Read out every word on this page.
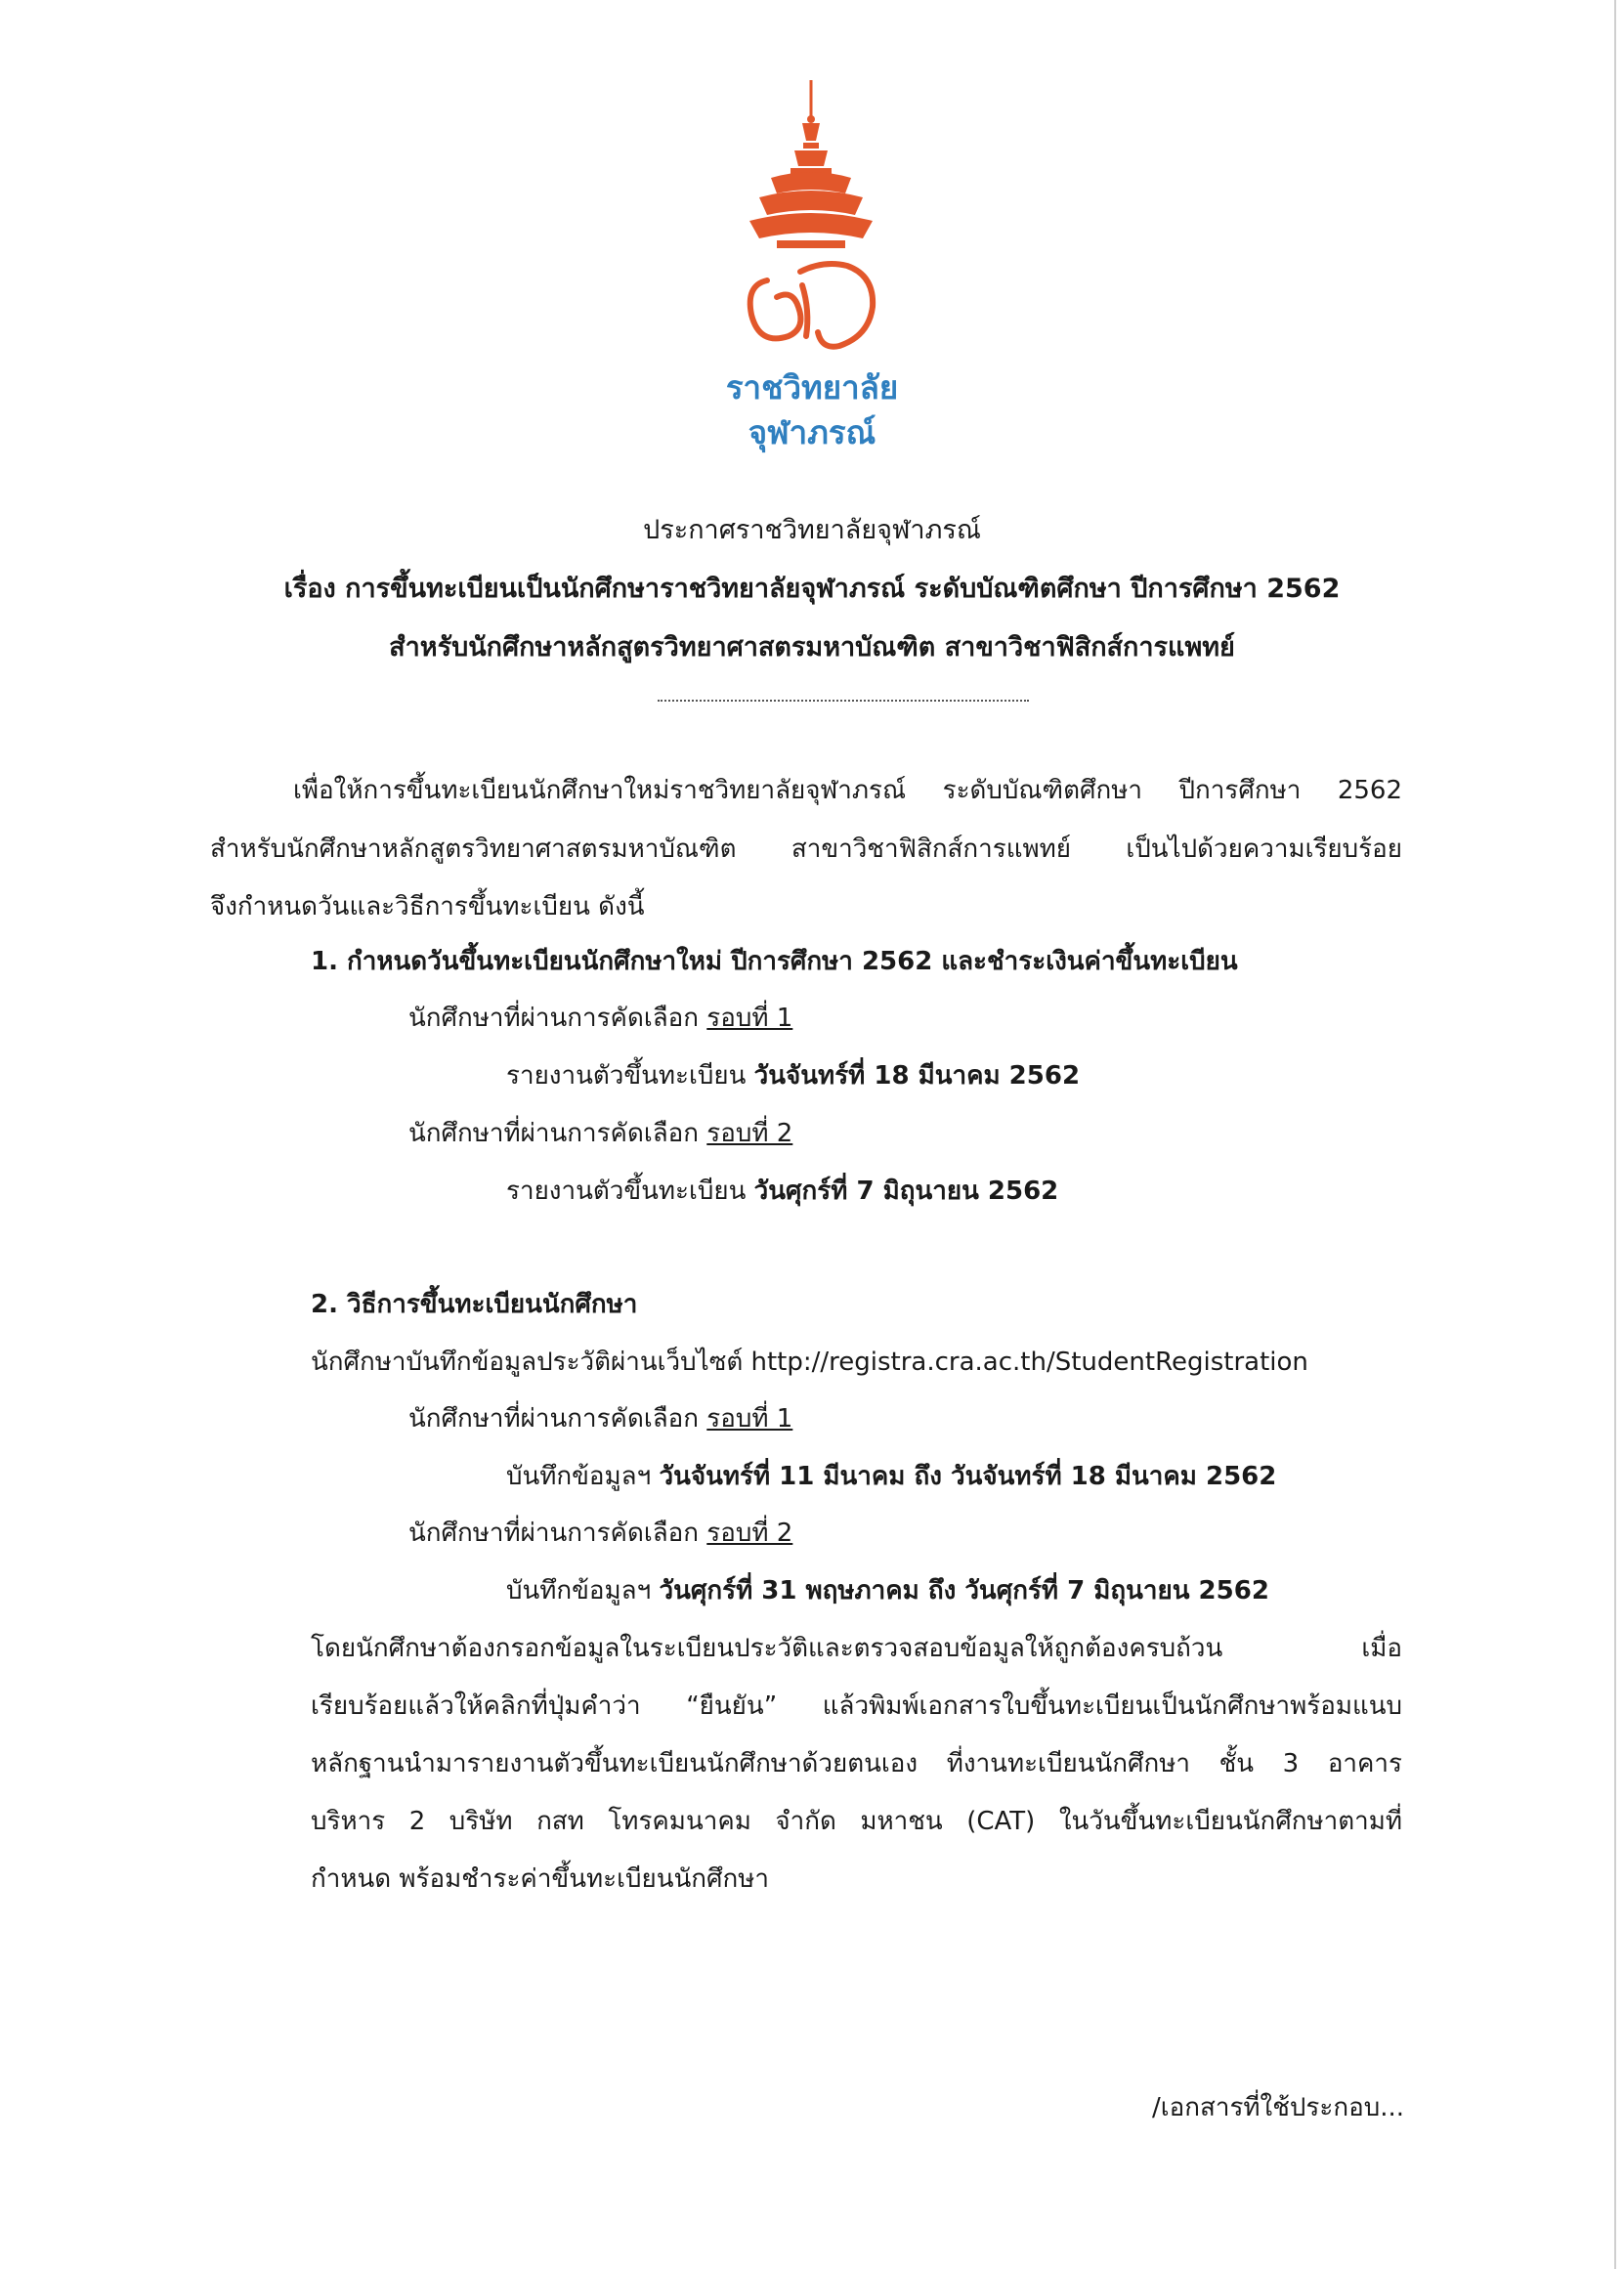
ราชวิทยาลัย
จุฬาภรณ์
ประกาศราชวิทยาลัยจุฬาภรณ์
เรื่อง การขึ้นทะเบียนเป็นนักศึกษาราชวิทยาลัยจุฬาภรณ์ ระดับบัณฑิตศึกษา ปีการศึกษา 2562
สำหรับนักศึกษาหลักสูตรวิทยาศาสตรมหาบัณฑิต สาขาวิชาฟิสิกส์การแพทย์
เพื่อให้การขึ้นทะเบียนนักศึกษาใหม่ราชวิทยาลัยจุฬาภรณ์ ระดับบัณฑิตศึกษา ปีการศึกษา 2562
สำหรับนักศึกษาหลักสูตรวิทยาศาสตรมหาบัณฑิต สาขาวิชาฟิสิกส์การแพทย์ เป็นไปด้วยความเรียบร้อย
จึงกำหนดวันและวิธีการขึ้นทะเบียน ดังนี้
1. กำหนดวันขึ้นทะเบียนนักศึกษาใหม่ ปีการศึกษา 2562 และชำระเงินค่าขึ้นทะเบียน
นักศึกษาที่ผ่านการคัดเลือก รอบที่ 1
รายงานตัวขึ้นทะเบียน วันจันทร์ที่ 18 มีนาคม 2562
นักศึกษาที่ผ่านการคัดเลือก รอบที่ 2
รายงานตัวขึ้นทะเบียน วันศุกร์ที่ 7 มิถุนายน 2562
2. วิธีการขึ้นทะเบียนนักศึกษา
นักศึกษาบันทึกข้อมูลประวัติผ่านเว็บไซต์ http://registra.cra.ac.th/StudentRegistration
นักศึกษาที่ผ่านการคัดเลือก รอบที่ 1
บันทึกข้อมูลฯ วันจันทร์ที่ 11 มีนาคม ถึง วันจันทร์ที่ 18 มีนาคม 2562
นักศึกษาที่ผ่านการคัดเลือก รอบที่ 2
บันทึกข้อมูลฯ วันศุกร์ที่ 31 พฤษภาคม ถึง วันศุกร์ที่ 7 มิถุนายน 2562
โดยนักศึกษาต้องกรอกข้อมูลในระเบียนประวัติและตรวจสอบข้อมูลให้ถูกต้องครบถ้วน เมื่อ
เรียบร้อยแล้วให้คลิกที่ปุ่มคำว่า “ยืนยัน” แล้วพิมพ์เอกสารใบขึ้นทะเบียนเป็นนักศึกษาพร้อมแนบ
หลักฐานนำมารายงานตัวขึ้นทะเบียนนักศึกษาด้วยตนเอง ที่งานทะเบียนนักศึกษา ชั้น 3 อาคาร
บริหาร 2 บริษัท กสท โทรคมนาคม จำกัด มหาชน (CAT) ในวันขึ้นทะเบียนนักศึกษาตามที่
กำหนด พร้อมชำระค่าขึ้นทะเบียนนักศึกษา
/เอกสารที่ใช้ประกอบ...
